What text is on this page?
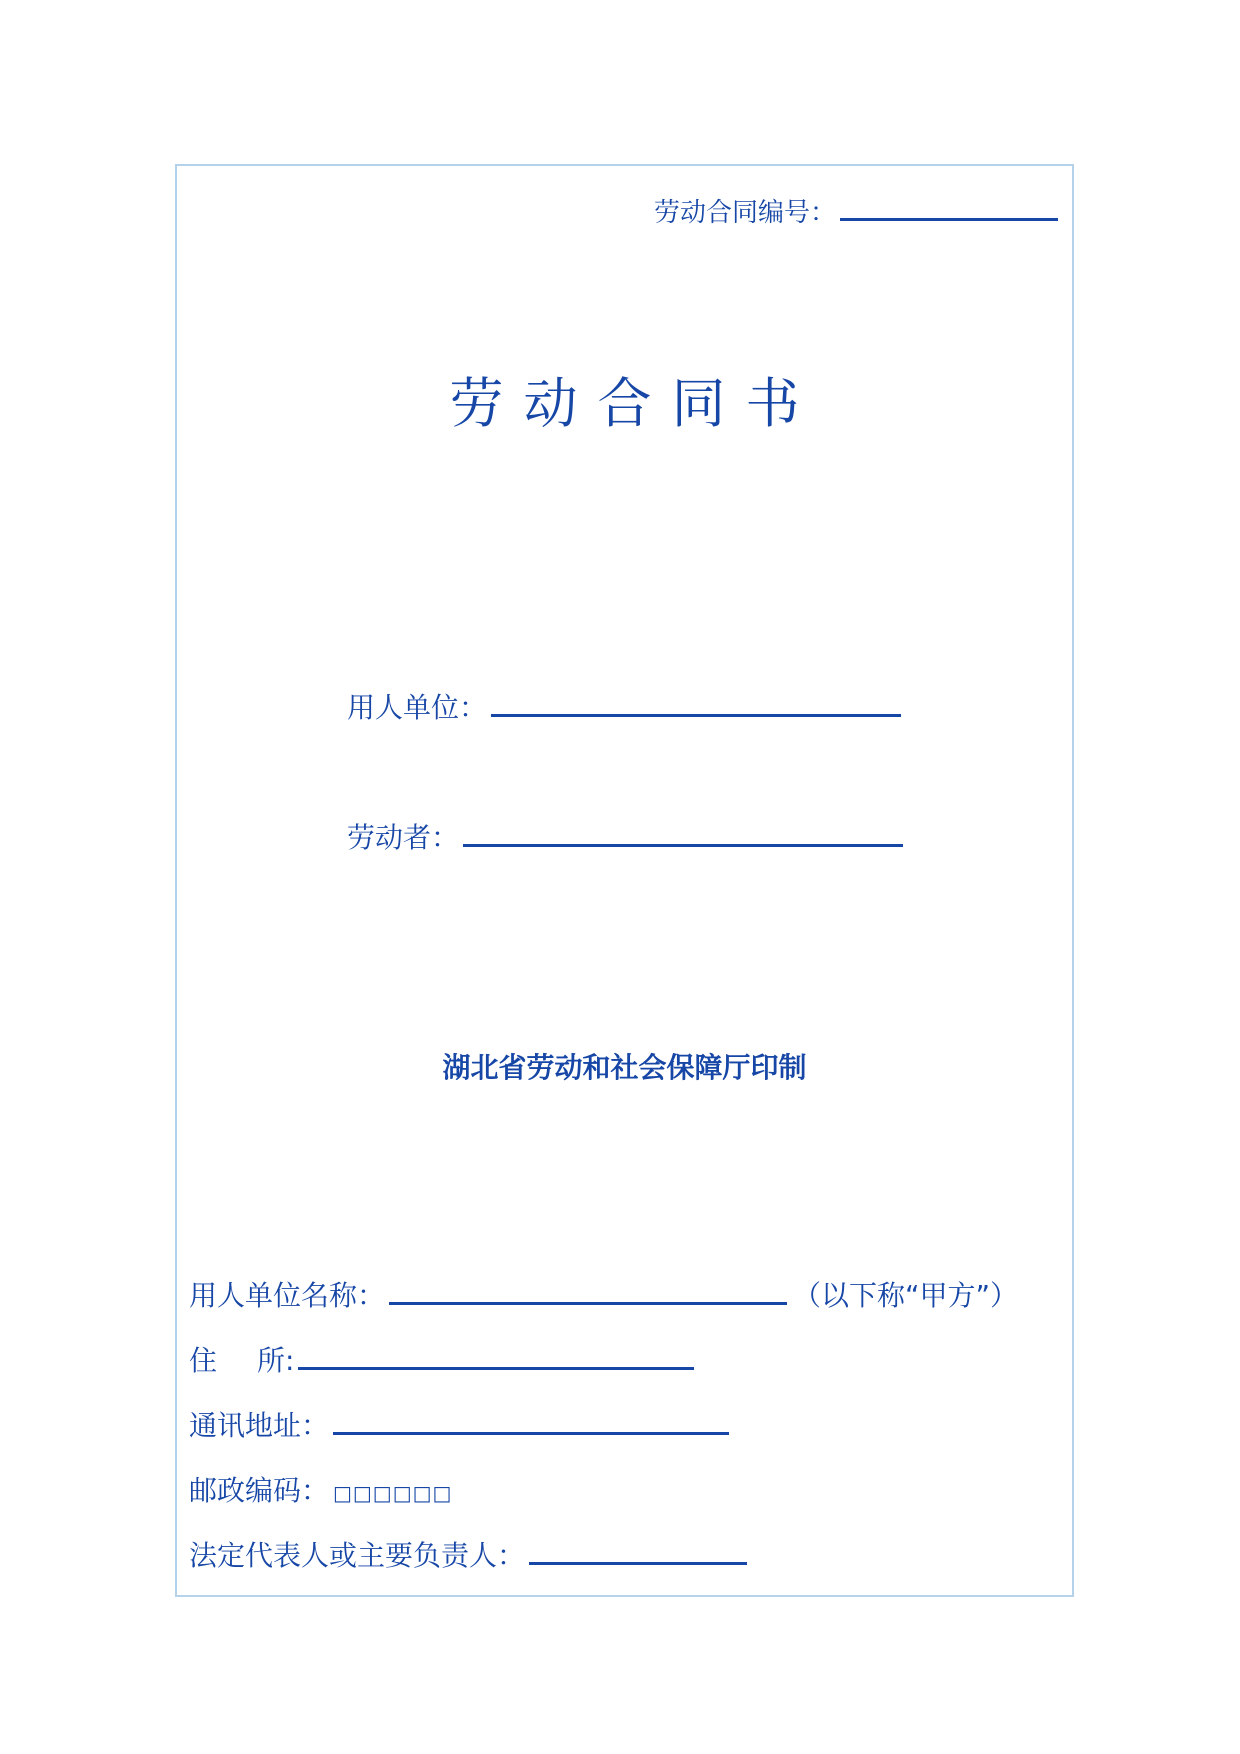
劳动合同编号：
劳动合同书
用人单位：
劳动者：
湖北省劳动和社会保障厅印制
用人单位名称：	（以下称“甲方”）
住 所:
通讯地址：
邮政编码： □□□□□□
法定代表人或主要负责人：
